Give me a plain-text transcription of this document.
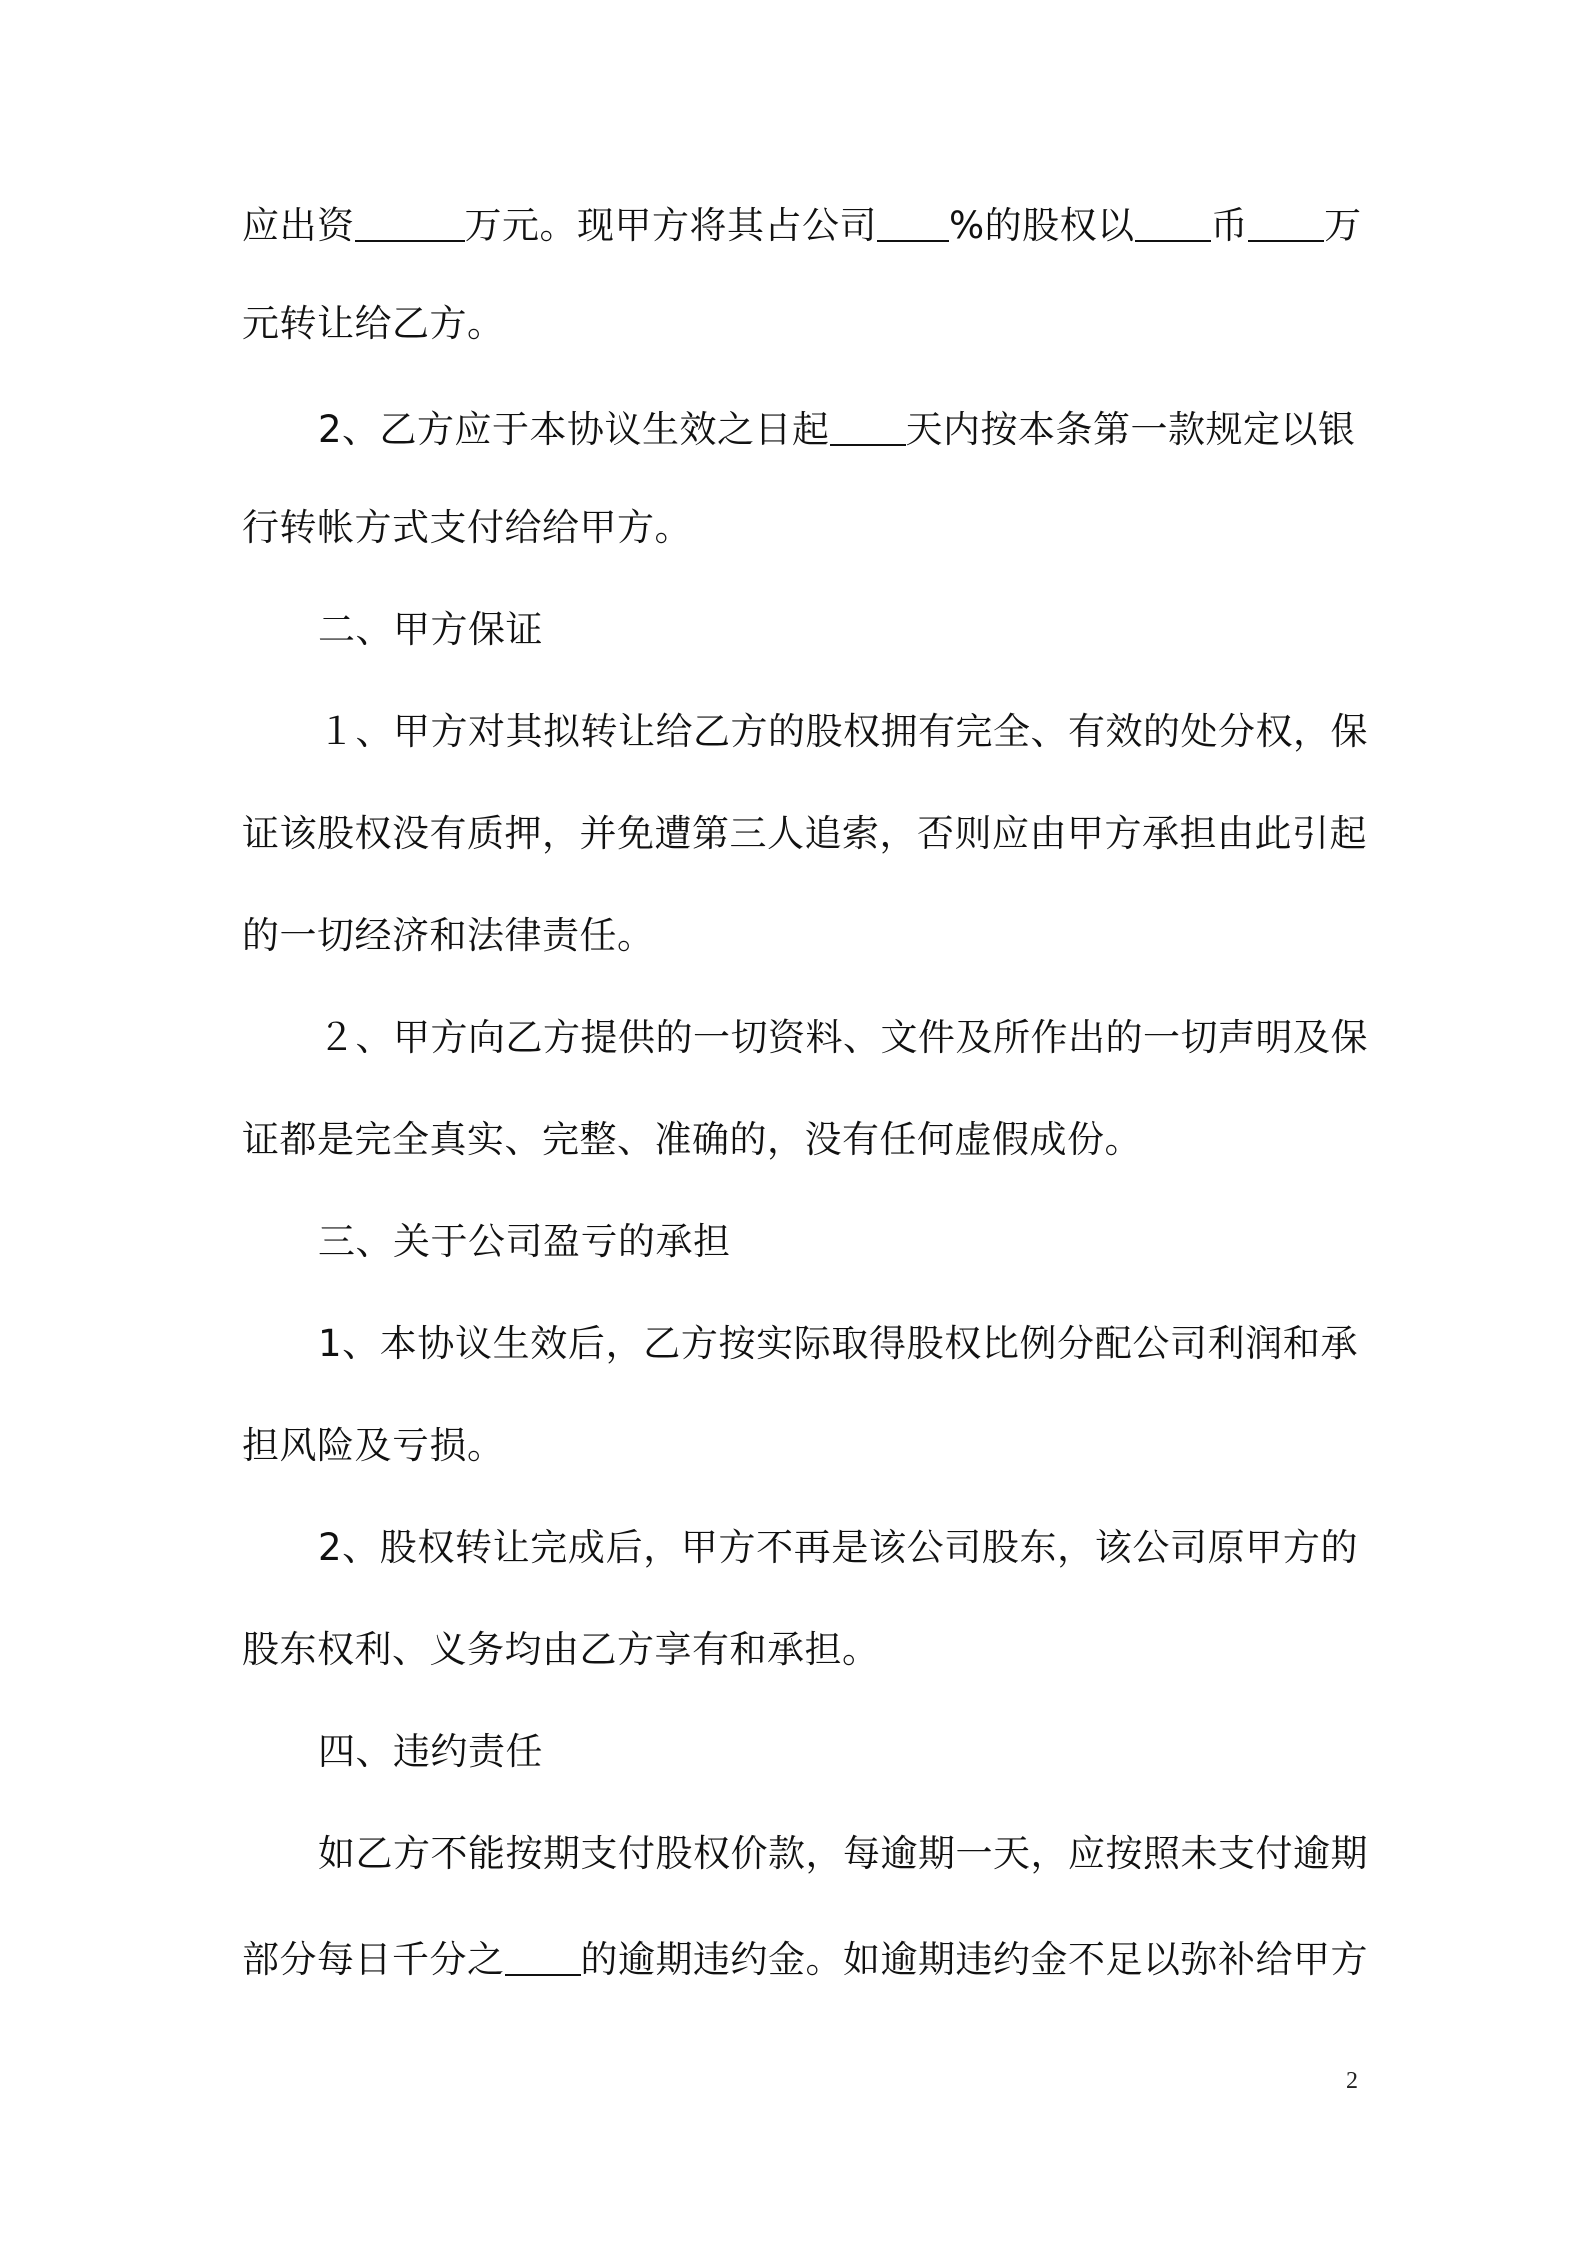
应出资	万元。现甲方将其占公司 %的股权以 币 万
元转让给乙方。
2、乙方应于本协议生效之日起 天内按本条第一款规定以银
行转帐方式支付给给甲方。
二、甲方保证
１、甲方对其拟转让给乙方的股权拥有完全、有效的处分权，保
证该股权没有质押，并免遭第三人追索，否则应由甲方承担由此引起
的一切经济和法律责任。
２、甲方向乙方提供的一切资料、文件及所作出的一切声明及保
证都是完全真实、完整、准确的，没有任何虚假成份。
三、关于公司盈亏的承担
1、本协议生效后，乙方按实际取得股权比例分配公司利润和承
担风险及亏损。
2、股权转让完成后，甲方不再是该公司股东，该公司原甲方的
股东权利、义务均由乙方享有和承担。
四、违约责任
如乙方不能按期支付股权价款，每逾期一天，应按照未支付逾期
部分每日千分之 的逾期违约金。如逾期违约金不足以弥补给甲方
2
